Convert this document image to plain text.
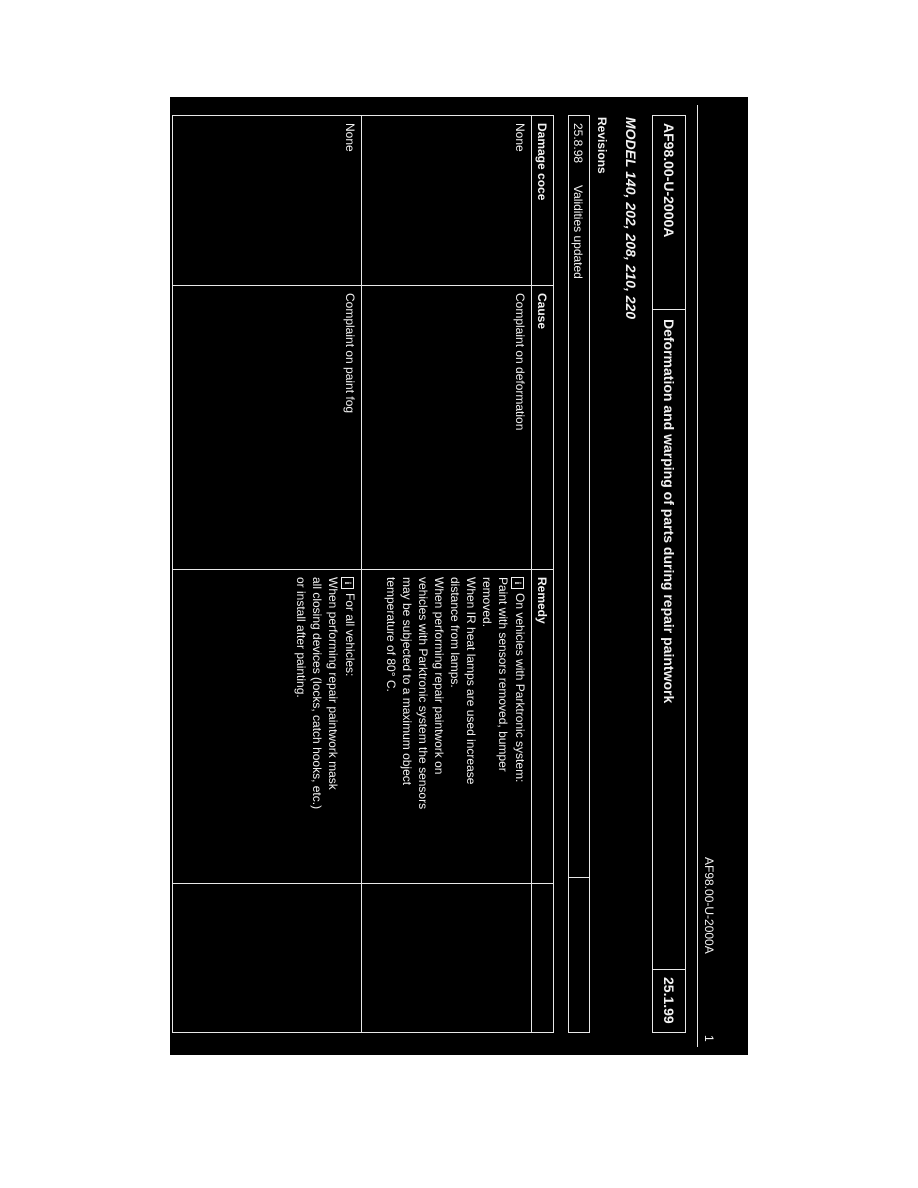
1
AF98.00-U-2000A
AF98.00-U-2000A
Deformation and warping of parts during repair paintwork
25.1.99
MODEL 140, 202, 208, 210, 220
Revisions
25.8.98
Validities updated
Damage coce
Cause
Remedy
None
Complaint on deformation
iOn vehicles with Parktronic system:
Paint with sensors removed, bumper
removed.
When IR heat lamps are used increase
distance from lamps.
When performing repair paintwork on
vehicles with Parktronic system the sensors
may be subjected to a maximum object
temperature of 80° C.
None
Complaint on paint fog
iFor all vehicles:
When performing repair paintwork mask
all closing devices (locks, catch hooks, etc.)
or install after painting.
